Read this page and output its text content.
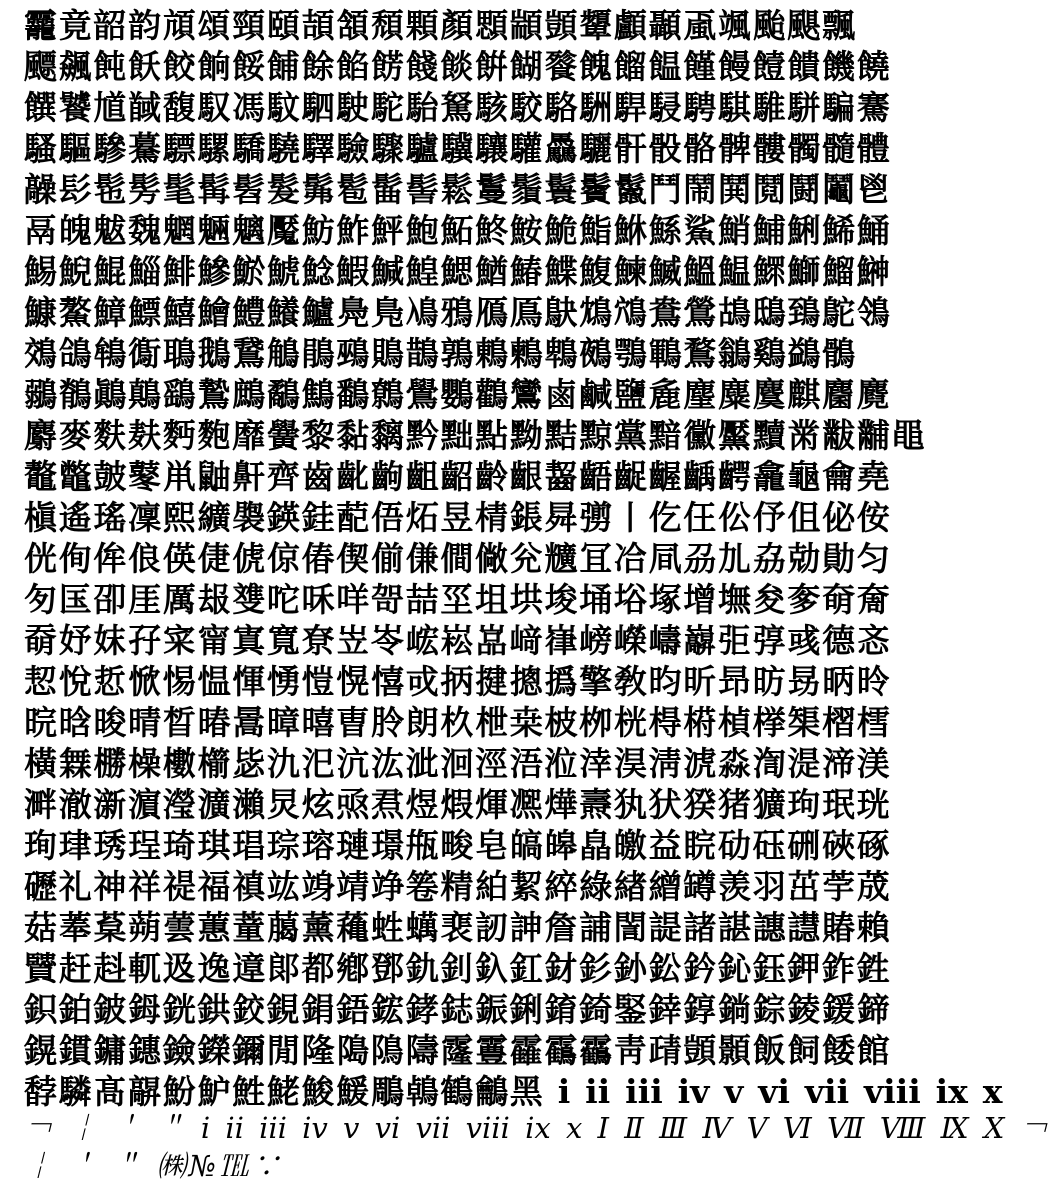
龗竟韶韵頏頌頸頤頡頷頹顆顏顋顓顗顰顱顳颪颯颱颶飄
飃飆飩飫餃餉餒餔餘餡餝餞餤餠餬餮餽餾饂饉饅饐饋饑饒
饌饕馗馘馥馭馮馼駟駛駝駘駑駭駮駱駲駻駸騁騏騅駢騙騫
騷驅驂驀驃騾驕驍驛驗驟驢驥驤驩驫驪骭骰骼髀髏髑髓體
髞髟髢髣髦髯髫髮髴髱髷髻鬆鬘鬚鬟鬢鬣鬥鬧鬨鬩鬪鬮鬯
鬲魄魃魏魍魎魑魘魴鮓鮃鮑鮖鮗鮟鮠鮨鮴鯀鯊鮹鯆鯏鯑鯒
鯣鯢鯤鯔鯡鰺鯲鯱鯰鰕鰔鰉鰓鰌鰆鰈鰒鰊鰄鰮鰛鰥鰤鰡鰰
鱇鰲鱆鰾鱚鱠鱧鱶鱸鳧鳬鳰鴉鴈鳫鴃鴆鴪鴦鶯鴣鴟鵄鴕鴒
鵁鴿鴾鵆鵈鵝鵞鵤鵑鵐鵙鵲鶉鶇鶫鵯鵺鶚鶤鶩鶲鷄鷁鶻
鶸鶺鷆鷏鷂鷙鷓鷸鷦鷭鷯鷽鸚鸛鸞鹵鹹鹽麁麈麋麌麒麕麑
麝麥麩麸麪麭靡黌黎黏黐黔黜點黝黠黥黨黯黴黶黷黹黻黼黽
鼇鼈皷鼕鼡鼬鼾齊齒齔齣齟齠齡齦齧齬齪齷齲齶龕龜龠堯
槇遙瑤凜熙纊褜鍈銈蓜俉炻昱棈鋹曻彅丨仡仼伀伃伹佖侒
侊侚侔俍偀倢俿倞偆偰偂傔僴僘兊兤冝冾凬刕劜劦勀勛匀
匇匤卲厓厲叝﨎咜咊咩哿喆坙坥垬埈埇﨏塚增墲夋奓奛奝
奣妤妺孖寀甯寘寬尞岦岺峵崧嵓﨑嵂嵭嶸嶹巐弡弴彧德忞
恝悅悊惞惕愠惲愑愷愰憘戓抦揵摠撝擎敎昀昕昻昉昮昞昤
晥晗晙晴晳暙暠暲暿曺朎朗杦枻桒柀栁桄棏﨓楨﨔榘槢樰
橫橆橳橾櫢櫤毖氿汜沆汯泚洄涇浯涖涬淏淸淲淼渹湜渧渼
溿澈澵濵瀅瀇瀨炅炫焏焄煜煆煇凞燁燾犱犾猤猪獷玽珉珖
珣珒琇珵琦琪琩琮瑢璉璟甁畯皂皜皞皛皦益睆劯砡硎硤硺
礰礼神祥禔福禛竑竧靖竫箞精絈絜綷綠緖繒罇羡羽茁荢荿
菇菶葈蒴蕓蕙蕫﨟薰蘒﨡蠇裵訒訷詹誧誾諟諸諶譓譿賰賴
贒赶﨣軏﨤逸遧郞都鄕鄧釚釗釞釭釮釤釥鈆鈐鈊鈺鉀鈼鉎
鉙鉑鈹鉧銧鉷鉸鋧鋗鋙鋐﨧鋕鋠鋓錥錡鋻﨨錞鋿錝錂鍰鍗
鎤鏆鏞鏸鐱鑅鑈閒隆﨩隝隯霳霻靃靍靏靑靕顗顥飯飼餧館
馞驎髙髜魵魲鮏鮱鮻鰀鵰鵫鶴鸙黑 ⅰ ⅱ ⅲ ⅳ ⅴ ⅵ ⅶ ⅷ ⅸ ⅹ
￢ ￤ ＇ ＂ ⅰ ⅱ ⅲ ⅳ ⅴ ⅵ ⅶ ⅷ ⅸ ⅹ Ⅰ Ⅱ Ⅲ Ⅳ Ⅴ Ⅵ Ⅶ Ⅷ Ⅸ Ⅹ ￢
￤ ＇ ＂ ㈱№℡∵
